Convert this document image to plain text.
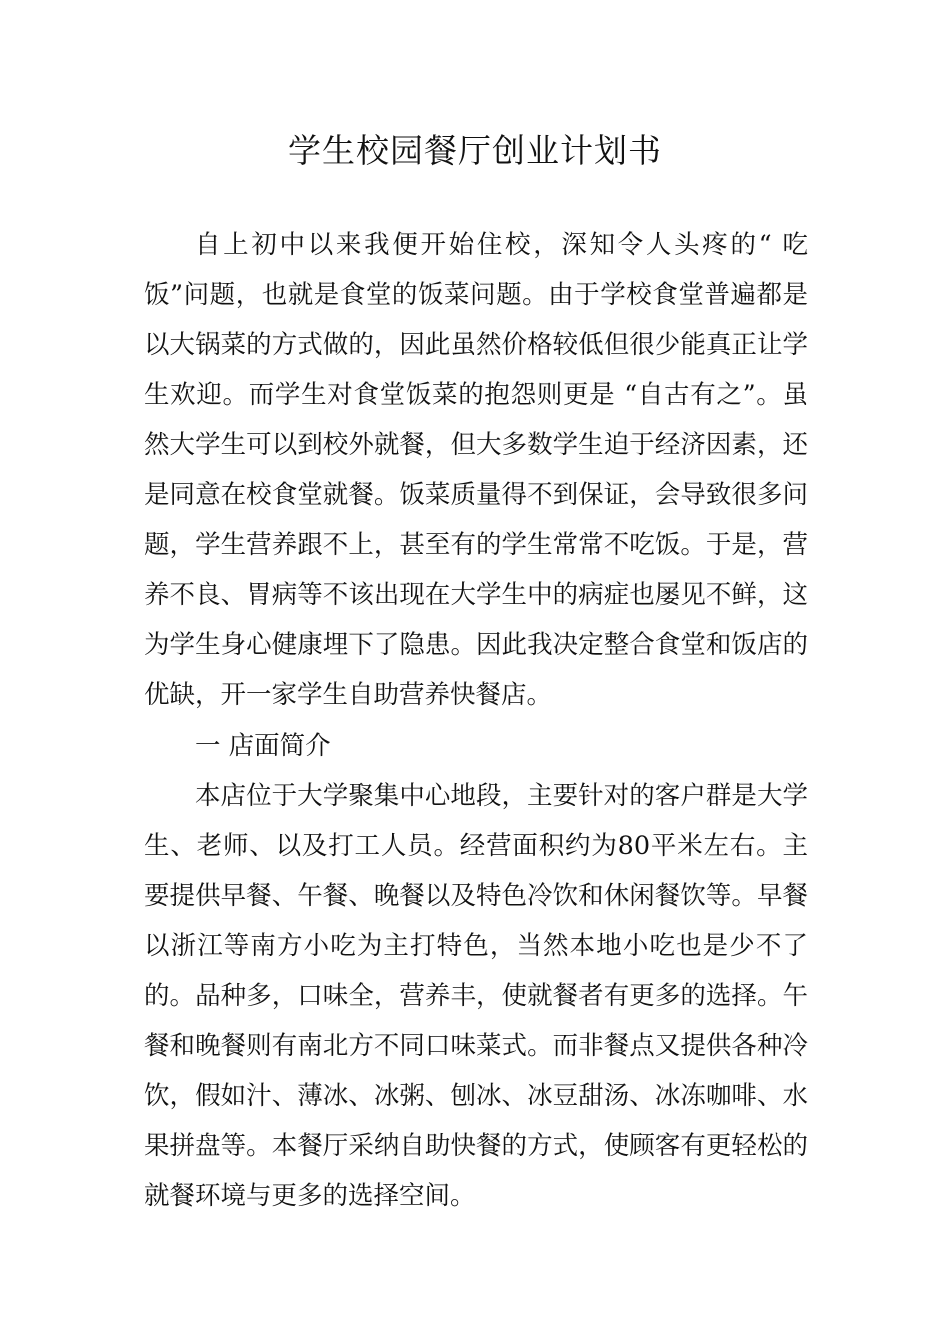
学生校园餐厅创业计划书

自上初中以来我便开始住校，深知令人头疼的“ 吃饭”问题，也就是食堂的饭菜问题。由于学校食堂普遍都是以大锅菜的方式做的，因此虽然价格较低但很少能真正让学生欢迎。而学生对食堂饭菜的抱怨则更是 “自古有之”。虽然大学生可以到校外就餐，但大多数学生迫于经济因素，还是同意在校食堂就餐。饭菜质量得不到保证，会导致很多问题，学生营养跟不上，甚至有的学生常常不吃饭。于是，营养不良、胃病等不该出现在大学生中的病症也屡见不鲜，这为学生身心健康埋下了隐患。因此我决定整合食堂和饭店的优缺，开一家学生自助营养快餐店。

一 店面简介

本店位于大学聚集中心地段，主要针对的客户群是大学生、老师、以及打工人员。经营面积约为80平米左右。主要提供早餐、午餐、晚餐以及特色冷饮和休闲餐饮等。早餐以浙江等南方小吃为主打特色，当然本地小吃也是少不了的。品种多，口味全，营养丰，使就餐者有更多的选择。午餐和晚餐则有南北方不同口味菜式。而非餐点又提供各种冷饮，假如汁、薄冰、冰粥、刨冰、冰豆甜汤、冰冻咖啡、水果拼盘等。本餐厅采纳自助快餐的方式，使顾客有更轻松的就餐环境与更多的选择空间。
